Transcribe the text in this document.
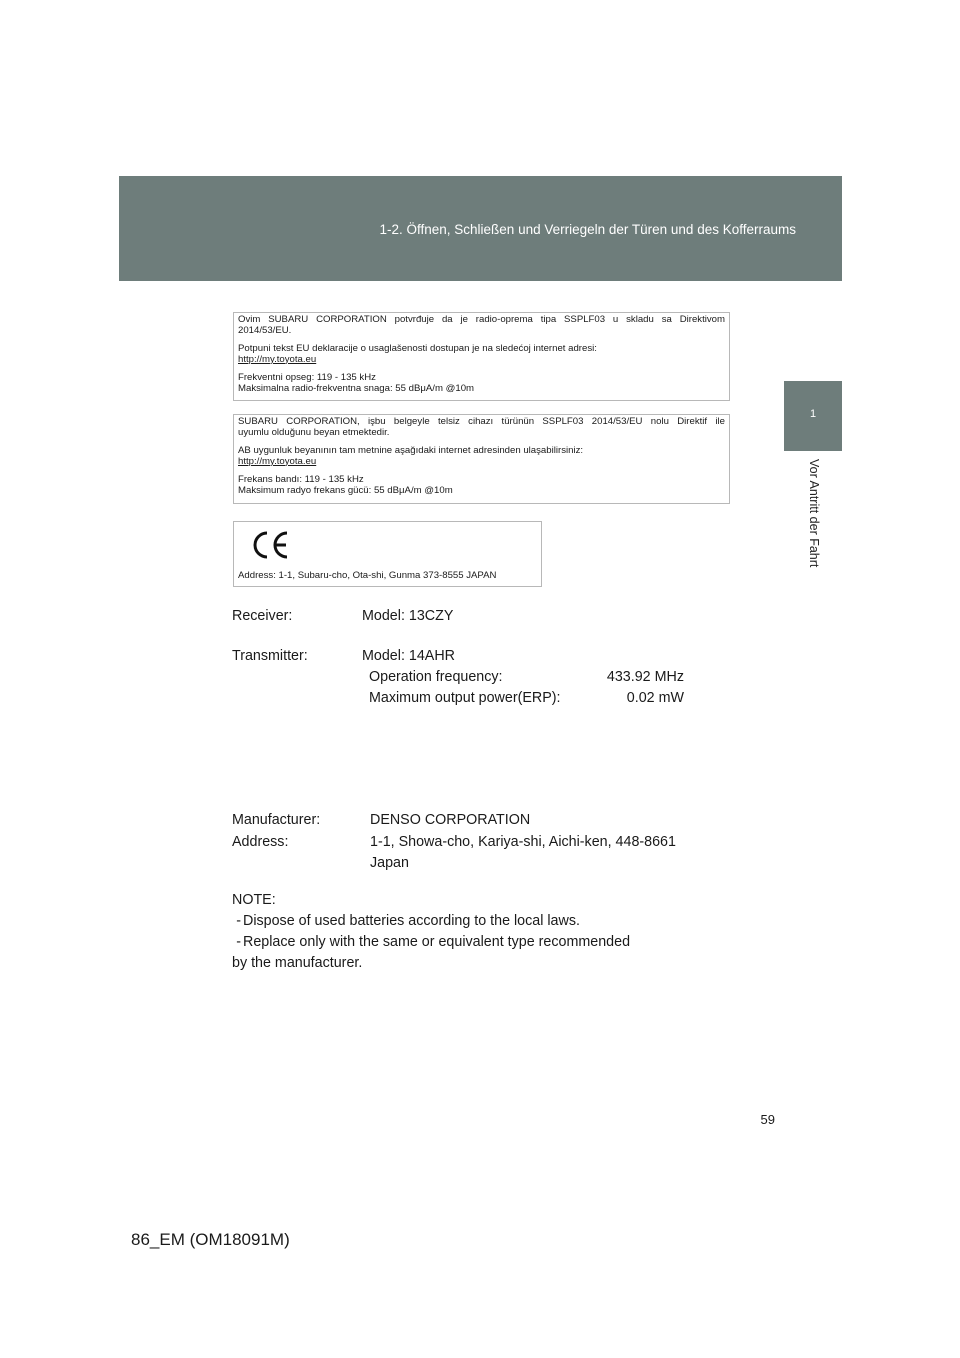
1-2. Öffnen, Schließen und Verriegeln der Türen und des Kofferraums
1
Vor Antritt der Fahrt

Ovim SUBARU CORPORATION potvrđuje da je radio-oprema tipa SSPLF03 u skladu sa Direktivom

2014/53/EU.

Potpuni tekst EU deklaracije o usaglašenosti dostupan je na sledećoj internet adresi:

http://my.toyota.eu

Frekventni opseg: 119 - 135 kHz

Maksimalna radio-frekventna snaga: 55 dBμA/m @10m

SUBARU CORPORATION, işbu belgeyle telsiz cihazı türünün SSPLF03 2014/53/EU nolu Direktif ile

uyumlu olduğunu beyan etmektedir.

AB uygunluk beyanının tam metnine aşağıdaki internet adresinden ulaşabilirsiniz:

http://my.toyota.eu

Frekans bandı: 119 - 135 kHz

Maksimum radyo frekans gücü: 55 dBμA/m @10m

Address: 1-1, Subaru-cho, Ota-shi, Gunma 373-8555 JAPAN
Receiver:	Model: 13CZY
Transmitter:	Model: 14AHR
Operation frequency:	433.92 MHz
Maximum output power(ERP):	0.02 mW
Manufacturer:	DENSO CORPORATION
Address:	1-1, Showa-cho, Kariya-shi, Aichi-ken, 448-8661
Japan
NOTE:
- Dispose of used batteries according to the local laws.
- Replace only with the same or equivalent type recommended
by the manufacturer.
59
86_EM (OM18091M)
